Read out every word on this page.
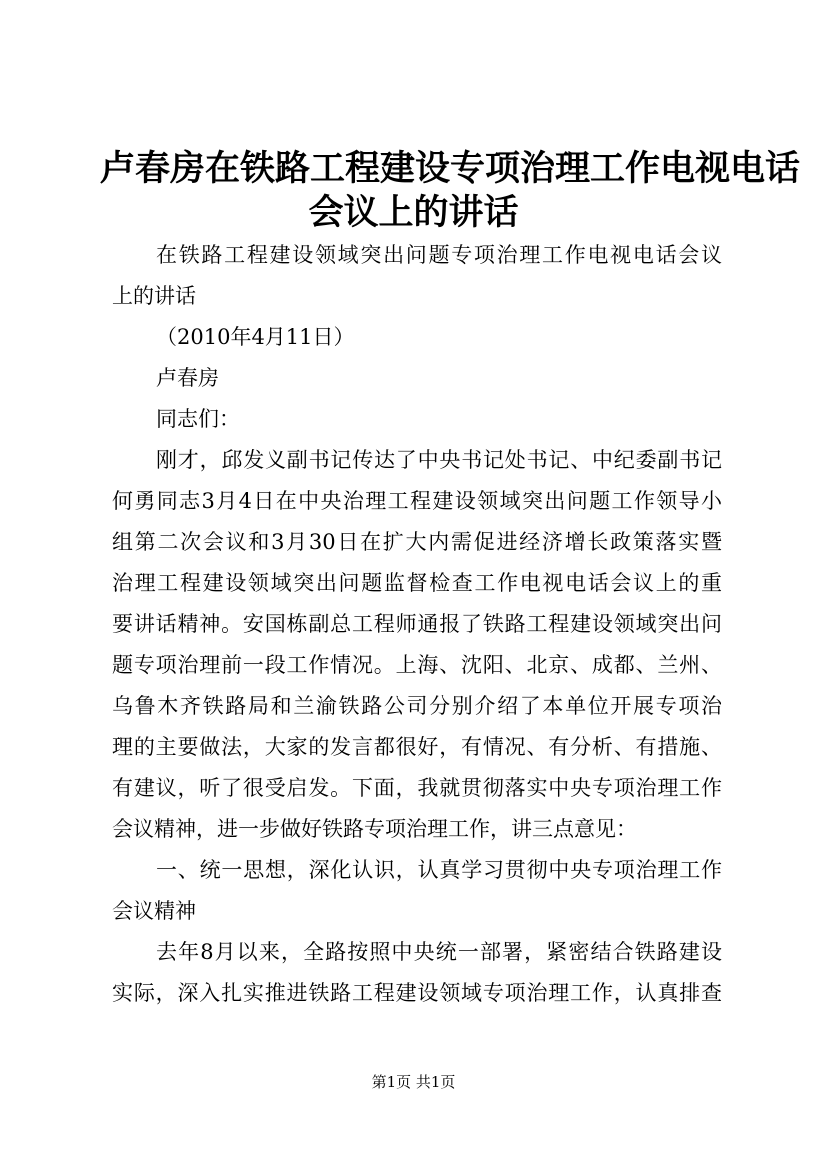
卢春房在铁路工程建设专项治理工作电视电话
会议上的讲话
在铁路工程建设领域突出问题专项治理工作电视电话会议
上的讲话
（2010年4月11日）
卢春房
同志们：
刚才，邱发义副书记传达了中央书记处书记、中纪委副书记
何勇同志3月4日在中央治理工程建设领域突出问题工作领导小
组第二次会议和3月30日在扩大内需促进经济增长政策落实暨
治理工程建设领域突出问题监督检查工作电视电话会议上的重
要讲话精神。安国栋副总工程师通报了铁路工程建设领域突出问
题专项治理前一段工作情况。上海、沈阳、北京、成都、兰州、
乌鲁木齐铁路局和兰渝铁路公司分别介绍了本单位开展专项治
理的主要做法，大家的发言都很好，有情况、有分析、有措施、
有建议，听了很受启发。下面，我就贯彻落实中央专项治理工作
会议精神，进一步做好铁路专项治理工作，讲三点意见：
一、统一思想，深化认识，认真学习贯彻中央专项治理工作
会议精神
去年8月以来，全路按照中央统一部署，紧密结合铁路建设
实际，深入扎实推进铁路工程建设领域专项治理工作，认真排查
第1页 共1页
